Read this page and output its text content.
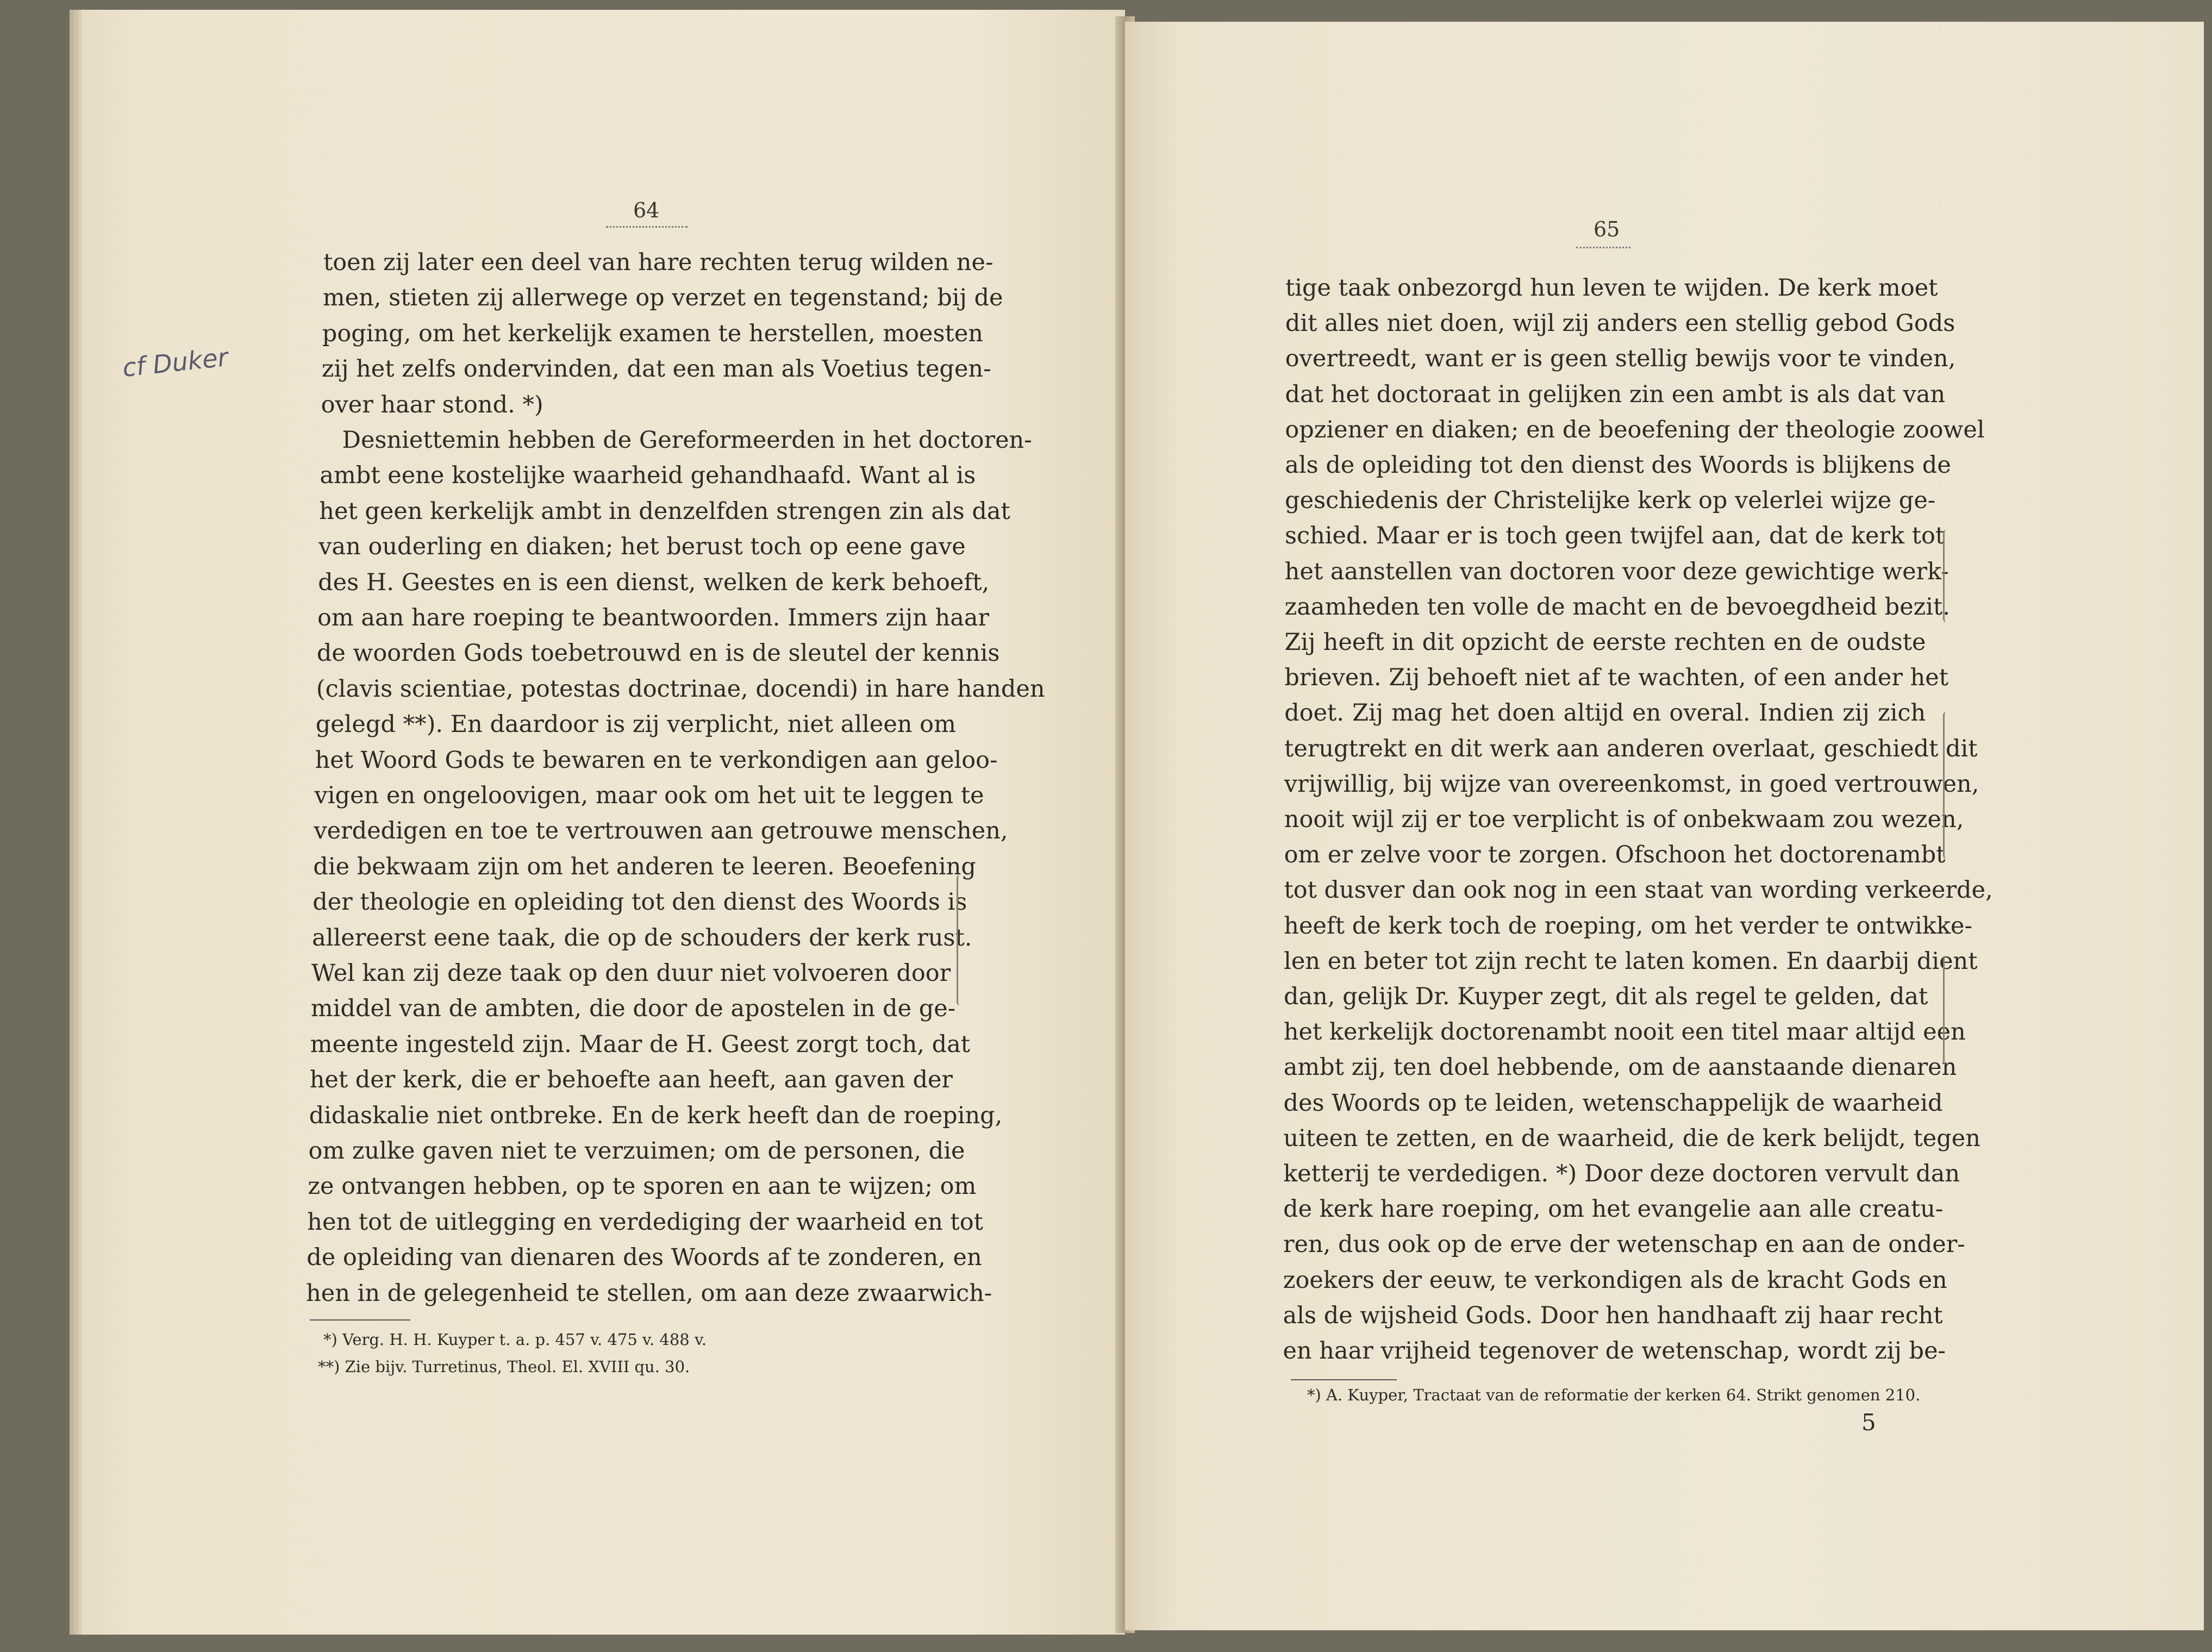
64
cf Duker
toen zij later een deel van hare rechten terug wilden ne-
men, stieten zij allerwege op verzet en tegenstand; bij de
poging, om het kerkelijk examen te herstellen, moesten
zij het zelfs ondervinden, dat een man als Voetius tegen-
over haar stond. *)
Desniettemin hebben de Gereformeerden in het doctoren-
ambt eene kostelijke waarheid gehandhaafd. Want al is
het geen kerkelijk ambt in denzelfden strengen zin als dat
van ouderling en diaken; het berust toch op eene gave
des H. Geestes en is een dienst, welken de kerk behoeft,
om aan hare roeping te beantwoorden. Immers zijn haar
de woorden Gods toebetrouwd en is de sleutel der kennis
(clavis scientiae, potestas doctrinae, docendi) in hare handen
gelegd **). En daardoor is zij verplicht, niet alleen om
het Woord Gods te bewaren en te verkondigen aan geloo-
vigen en ongeloovigen, maar ook om het uit te leggen te
verdedigen en toe te vertrouwen aan getrouwe menschen,
die bekwaam zijn om het anderen te leeren. Beoefening
der theologie en opleiding tot den dienst des Woords is
allereerst eene taak, die op de schouders der kerk rust.
Wel kan zij deze taak op den duur niet volvoeren door
middel van de ambten, die door de apostelen in de ge-
meente ingesteld zijn. Maar de H. Geest zorgt toch, dat
het der kerk, die er behoefte aan heeft, aan gaven der
didaskalie niet ontbreke. En de kerk heeft dan de roeping,
om zulke gaven niet te verzuimen; om de personen, die
ze ontvangen hebben, op te sporen en aan te wijzen; om
hen tot de uitlegging en verdediging der waarheid en tot
de opleiding van dienaren des Woords af te zonderen, en
hen in de gelegenheid te stellen, om aan deze zwaarwich-
*) Verg. H. H. Kuyper t. a. p. 457 v. 475 v. 488 v.
**) Zie bijv. Turretinus, Theol. El. XVIII qu. 30.
65
tige taak onbezorgd hun leven te wijden. De kerk moet
dit alles niet doen, wijl zij anders een stellig gebod Gods
overtreedt, want er is geen stellig bewijs voor te vinden,
dat het doctoraat in gelijken zin een ambt is als dat van
opziener en diaken; en de beoefening der theologie zoowel
als de opleiding tot den dienst des Woords is blijkens de
geschiedenis der Christelijke kerk op velerlei wijze ge-
schied. Maar er is toch geen twijfel aan, dat de kerk tot
het aanstellen van doctoren voor deze gewichtige werk-
zaamheden ten volle de macht en de bevoegdheid bezit.
Zij heeft in dit opzicht de eerste rechten en de oudste
brieven. Zij behoeft niet af te wachten, of een ander het
doet. Zij mag het doen altijd en overal. Indien zij zich
terugtrekt en dit werk aan anderen overlaat, geschiedt dit
vrijwillig, bij wijze van overeenkomst, in goed vertrouwen,
nooit wijl zij er toe verplicht is of onbekwaam zou wezen,
om er zelve voor te zorgen. Ofschoon het doctorenambt
tot dusver dan ook nog in een staat van wording verkeerde,
heeft de kerk toch de roeping, om het verder te ontwikke-
len en beter tot zijn recht te laten komen. En daarbij dient
dan, gelijk Dr. Kuyper zegt, dit als regel te gelden, dat
het kerkelijk doctorenambt nooit een titel maar altijd een
ambt zij, ten doel hebbende, om de aanstaande dienaren
des Woords op te leiden, wetenschappelijk de waarheid
uiteen te zetten, en de waarheid, die de kerk belijdt, tegen
ketterij te verdedigen. *) Door deze doctoren vervult dan
de kerk hare roeping, om het evangelie aan alle creatu-
ren, dus ook op de erve der wetenschap en aan de onder-
zoekers der eeuw, te verkondigen als de kracht Gods en
als de wijsheid Gods. Door hen handhaaft zij haar recht
en haar vrijheid tegenover de wetenschap, wordt zij be-
*) A. Kuyper, Tractaat van de reformatie der kerken 64. Strikt genomen 210.
5
